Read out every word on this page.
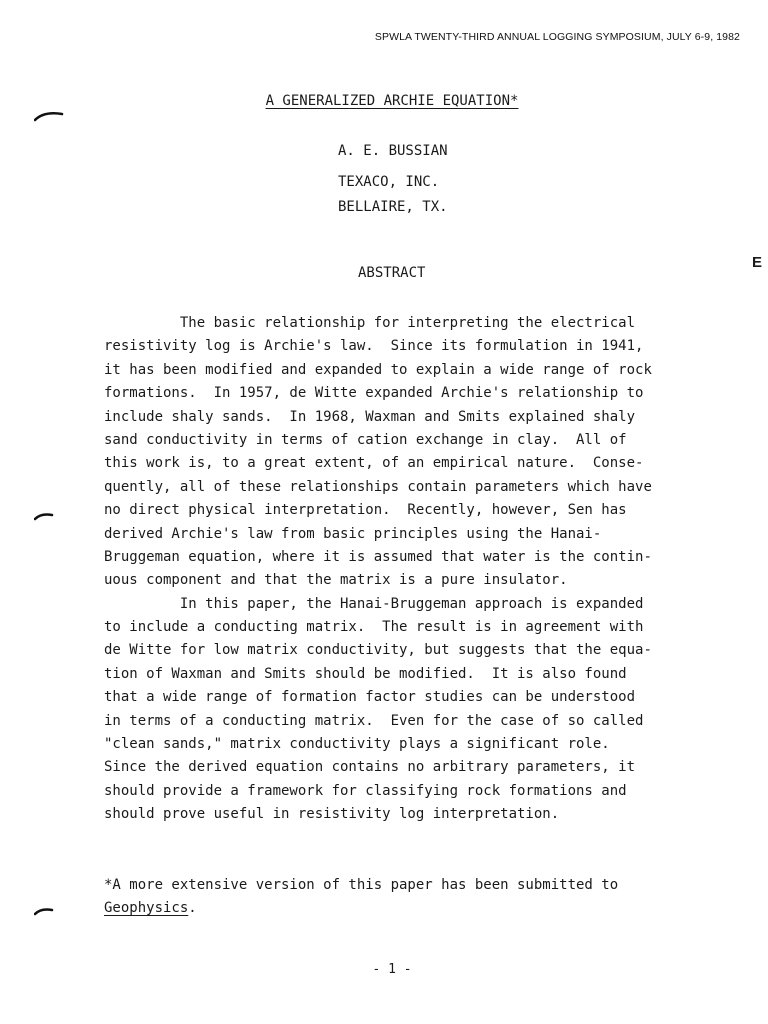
SPWLA TWENTY-THIRD ANNUAL LOGGING SYMPOSIUM, JULY 6-9, 1982
A GENERALIZED ARCHIE EQUATION*
A. E. BUSSIAN
TEXACO, INC.
BELLAIRE, TX.
E
ABSTRACT
The basic relationship for interpreting the electrical
resistivity log is Archie's law.  Since its formulation in 1941,
it has been modified and expanded to explain a wide range of rock
formations.  In 1957, de Witte expanded Archie's relationship to
include shaly sands.  In 1968, Waxman and Smits explained shaly
sand conductivity in terms of cation exchange in clay.  All of
this work is, to a great extent, of an empirical nature.  Conse-
quently, all of these relationships contain parameters which have
no direct physical interpretation.  Recently, however, Sen has
derived Archie's law from basic principles using the Hanai-
Bruggeman equation, where it is assumed that water is the contin-
uous component and that the matrix is a pure insulator.
In this paper, the Hanai-Bruggeman approach is expanded
to include a conducting matrix.  The result is in agreement with
de Witte for low matrix conductivity, but suggests that the equa-
tion of Waxman and Smits should be modified.  It is also found
that a wide range of formation factor studies can be understood
in terms of a conducting matrix.  Even for the case of so called
"clean sands," matrix conductivity plays a significant role.
Since the derived equation contains no arbitrary parameters, it
should provide a framework for classifying rock formations and
should prove useful in resistivity log interpretation.
*A more extensive version of this paper has been submitted to
Geophysics.
- 1 -
